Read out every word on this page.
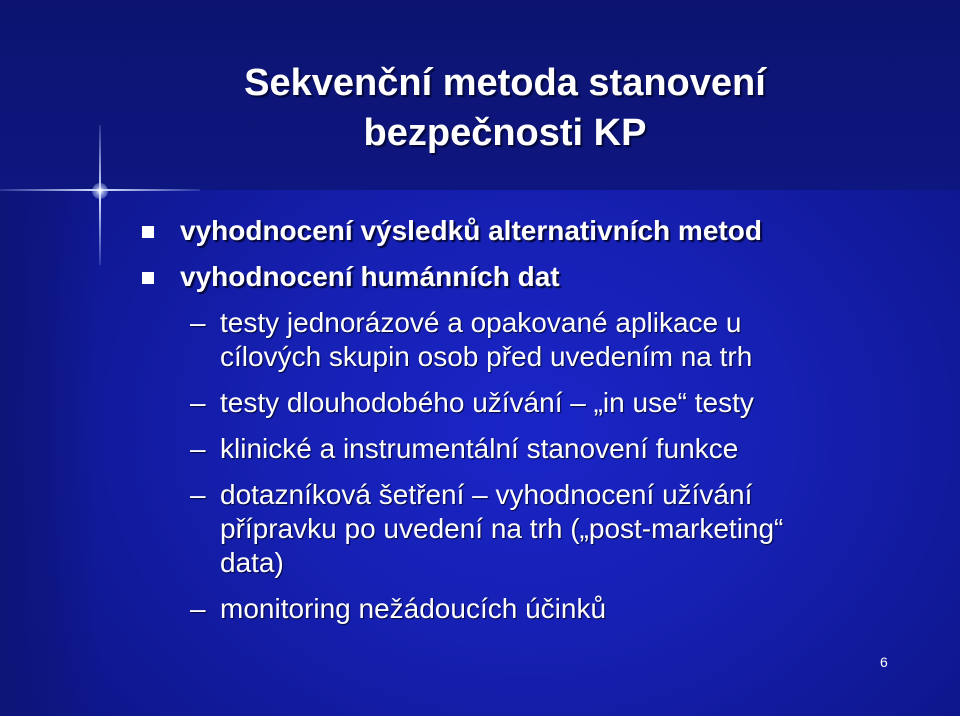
Sekvenční metoda stanovení
bezpečnosti KP
vyhodnocení výsledků alternativních metod
vyhodnocení humánních dat
– testy jednorázové a opakované aplikace u
cílových skupin osob před uvedením na trh
– testy dlouhodobého užívání – „in use“ testy
– klinické a instrumentální stanovení funkce
– dotazníková šetření – vyhodnocení užívání
přípravku po uvedení na trh („post-marketing“
data)
– monitoring nežádoucích účinků
6
